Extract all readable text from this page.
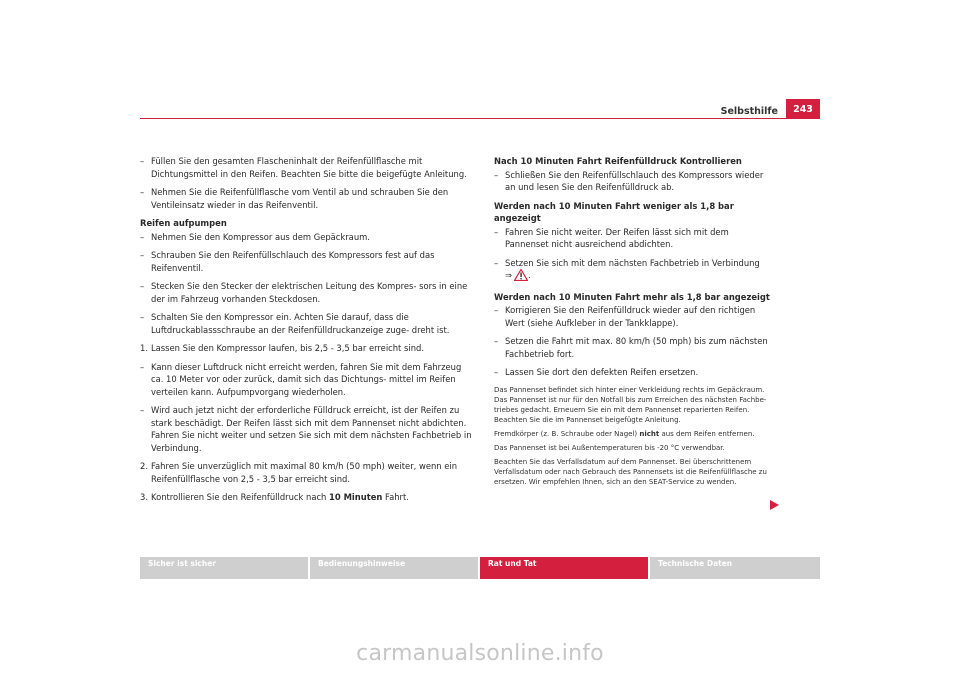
Selbsthilfe	243
– Füllen Sie den gesamten Flascheninhalt der Reifenfüllflasche mit Dichtungsmittel in den Reifen. Beachten Sie bitte die beigefügte Anleitung.
– Nehmen Sie die Reifenfüllflasche vom Ventil ab und schrauben Sie den Ventileinsatz wieder in das Reifenventil.
Reifen aufpumpen
– Nehmen Sie den Kompressor aus dem Gepäckraum.
– Schrauben Sie den Reifenfüllschlauch des Kompressors fest auf das Reifenventil.
– Stecken Sie den Stecker der elektrischen Leitung des Kompres- sors in eine der im Fahrzeug vorhanden Steckdosen.
– Schalten Sie den Kompressor ein. Achten Sie darauf, dass die Luftdruckablassschraube an der Reifenfülldruckanzeige zuge- dreht ist.
1. Lassen Sie den Kompressor laufen, bis 2,5 - 3,5 bar erreicht sind.
– Kann dieser Luftdruck nicht erreicht werden, fahren Sie mit dem Fahrzeug ca. 10 Meter vor oder zurück, damit sich das Dichtungs- mittel im Reifen verteilen kann. Aufpumpvorgang wiederholen.
– Wird auch jetzt nicht der erforderliche Fülldruck erreicht, ist der Reifen zu stark beschädigt. Der Reifen lässt sich mit dem Pannenset nicht abdichten. Fahren Sie nicht weiter und setzen Sie sich mit dem nächsten Fachbetrieb in Verbindung.
2. Fahren Sie unverzüglich mit maximal 80 km/h (50 mph) weiter, wenn ein Reifenfüllflasche von 2,5 - 3,5 bar erreicht sind.
3. Kontrollieren Sie den Reifenfülldruck nach 10 Minuten Fahrt.
Nach 10 Minuten Fahrt Reifenfülldruck Kontrollieren
– Schließen Sie den Reifenfüllschlauch des Kompressors wieder an und lesen Sie den Reifenfülldruck ab.
Werden nach 10 Minuten Fahrt weniger als 1,8 bar angezeigt
– Fahren Sie nicht weiter. Der Reifen lässt sich mit dem Pannenset nicht ausreichend abdichten.
– Setzen Sie sich mit dem nächsten Fachbetrieb in Verbindung
⇒ .
Werden nach 10 Minuten Fahrt mehr als 1,8 bar angezeigt
– Korrigieren Sie den Reifenfülldruck wieder auf den richtigen Wert (siehe Aufkleber in der Tankklappe).
– Setzen die Fahrt mit max. 80 km/h (50 mph) bis zum nächsten Fachbetrieb fort.
– Lassen Sie dort den defekten Reifen ersetzen.

Das Pannenset befindet sich hinter einer Verkleidung rechts im Gepäckraum. Das Pannenset ist nur für den Notfall bis zum Erreichen des nächsten Fachbe- triebes gedacht. Erneuern Sie ein mit dem Pannenset reparierten Reifen. Beachten Sie die im Pannenset beigefügte Anleitung.

Fremdkörper (z. B. Schraube oder Nagel) nicht aus dem Reifen entfernen.

Das Pannenset ist bei Außentemperaturen bis -20 °C verwendbar.

Beachten Sie das Verfallsdatum auf dem Pannenset. Bei überschrittenem Verfallsdatum oder nach Gebrauch des Pannensets ist die Reifenfüllflasche zu ersetzen. Wir empfehlen Ihnen, sich an den SEAT-Service zu wenden.

Sicher ist sicher	Bedienungshinweise	Rat und Tat	Technische Daten
carmanualsonline.info
